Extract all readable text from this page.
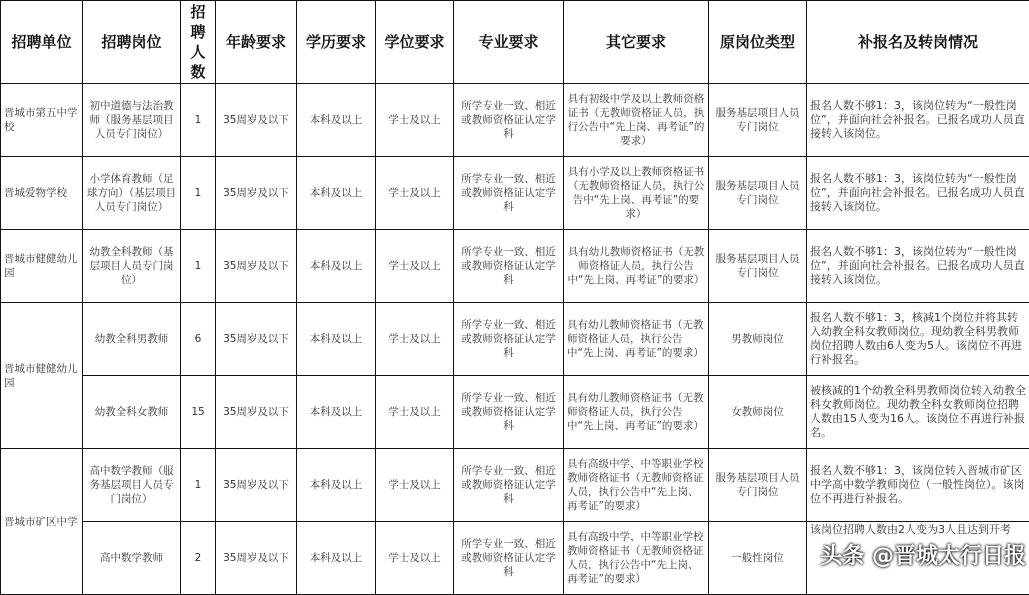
招聘单位	招聘岗位	招聘人数	年龄要求	学历要求	学位要求	专业要求	其它要求	原岗位类型	补报名及转岗情况
晋城市第五中学校	初中道德与法治教师（服务基层项目人员专门岗位）	1	35周岁及以下	本科及以上	学士及以上	所学专业一致、相近或教师资格证认定学科	具有初级中学及以上教师资格证书（无教师资格证人员，执行公告中“先上岗、再考证”的要求）	服务基层项目人员专门岗位	报名人数不够1：3，该岗位转为“一般性岗位”，并面向社会补报名。已报名成功人员直接转入该岗位。
晋城爱物学校	小学体育教师（足球方向）（基层项目人员专门岗位）	1	35周岁及以下	本科及以上	学士及以上	所学专业一致、相近或教师资格证认定学科	具有小学及以上教师资格证书（无教师资格证人员，执行公告中“先上岗、再考证”的要求）	服务基层项目人员专门岗位	报名人数不够1：3，该岗位转为“一般性岗位”，并面向社会补报名。已报名成功人员直接转入该岗位。
晋城市健健幼儿园	幼教全科教师（基层项目人员专门岗位）	1	35周岁及以下	本科及以上	学士及以上	所学专业一致、相近或教师资格证认定学科	具有幼儿教师资格证书（无教师资格证人员，执行公告中“先上岗、再考证”的要求）	服务基层项目人员专门岗位	报名人数不够1：3，该岗位转为“一般性岗位”，并面向社会补报名。已报名成功人员直接转入该岗位。
晋城市健健幼儿园	幼教全科男教师	6	35周岁及以下	本科及以上	学士及以上	所学专业一致、相近或教师资格证认定学科	具有幼儿教师资格证书（无教师资格证人员，执行公告中“先上岗、再考证”的要求）	男教师岗位	报名人数不够1：3，核减1个岗位并将其转入幼教全科女教师岗位。现幼教全科男教师岗位招聘人数由6人变为5人。该岗位不再进行补报名。
	幼教全科女教师	15	35周岁及以下	本科及以上	学士及以上	所学专业一致、相近或教师资格证认定学科	具有幼儿教师资格证书（无教师资格证人员，执行公告中“先上岗、再考证”的要求）	女教师岗位	被核减的1个幼教全科男教师岗位转入幼教全科女教师岗位。现幼教全科女教师岗位招聘人数由15人变为16人。该岗位不再进行补报名。
晋城市矿区中学	高中数学教师（服务基层项目人员专门岗位）	1	35周岁及以下	本科及以上	学士及以上	所学专业一致、相近或教师资格证认定学科	具有高级中学、中等职业学校教师资格证书（无教师资格证人员，执行公告中“先上岗、再考证”的要求）	服务基层项目人员专门岗位	报名人数不够1：3，该岗位转入晋城市矿区中学高中数学教师岗位（一般性岗位）。该岗位不再进行补报名。
	高中数学教师	2	35周岁及以下	本科及以上	学士及以上	所学专业一致、相近或教师资格证认定学科	具有高级中学、中等职业学校教师资格证书（无教师资格证人员，执行公告中“先上岗、再考证”的要求）	一般性岗位	该岗位招聘人数由2人变为3人且达到开考
头条 @晋城太行日报
